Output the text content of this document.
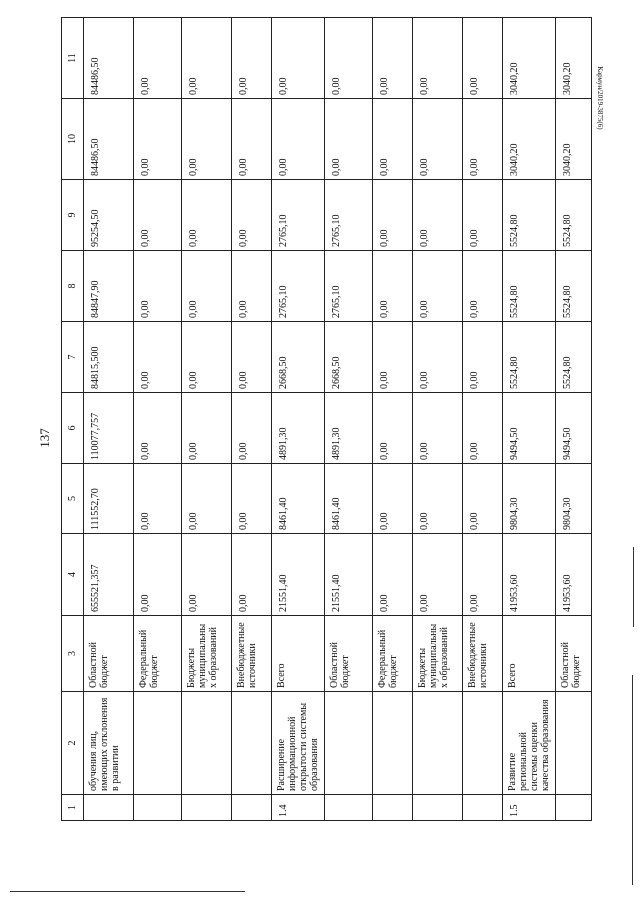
137
Кармун/2019-3875(6)
1	2	3	4	5	6	7	8	9	10	11
	обучения лиц, имеющих отклонения в развитии	Областной бюджет	655521,357	111552,70	110077,757	84815,500	84847,90	95254,50	84486,50	84486,50
		Федеральный бюджет	0,00	0,00	0,00	0,00	0,00	0,00	0,00	0,00
		Бюджеты муниципальны х образований	0,00	0,00	0,00	0,00	0,00	0,00	0,00	0,00
		Внебюджетные источники	0,00	0,00	0,00	0,00	0,00	0,00	0,00	0,00
1.4	Расширение информационной открытости системы образования	Всего	21551,40	8461,40	4891,30	2668,50	2765,10	2765,10	0,00	0,00
		Областной бюджет	21551,40	8461,40	4891,30	2668,50	2765,10	2765,10	0,00	0,00
		Федеральный бюджет	0,00	0,00	0,00	0,00	0,00	0,00	0,00	0,00
		Бюджеты муниципальны х образований	0,00	0,00	0,00	0,00	0,00	0,00	0,00	0,00
		Внебюджетные источники	0,00	0,00	0,00	0,00	0,00	0,00	0,00	0,00
1.5	Развитие региональной системы оценки качества образования	Всего	41953,60	9804,30	9494,50	5524,80	5524,80	5524,80	3040,20	3040,20
		Областной бюджет	41953,60	9804,30	9494,50	5524,80	5524,80	5524,80	3040,20	3040,20
